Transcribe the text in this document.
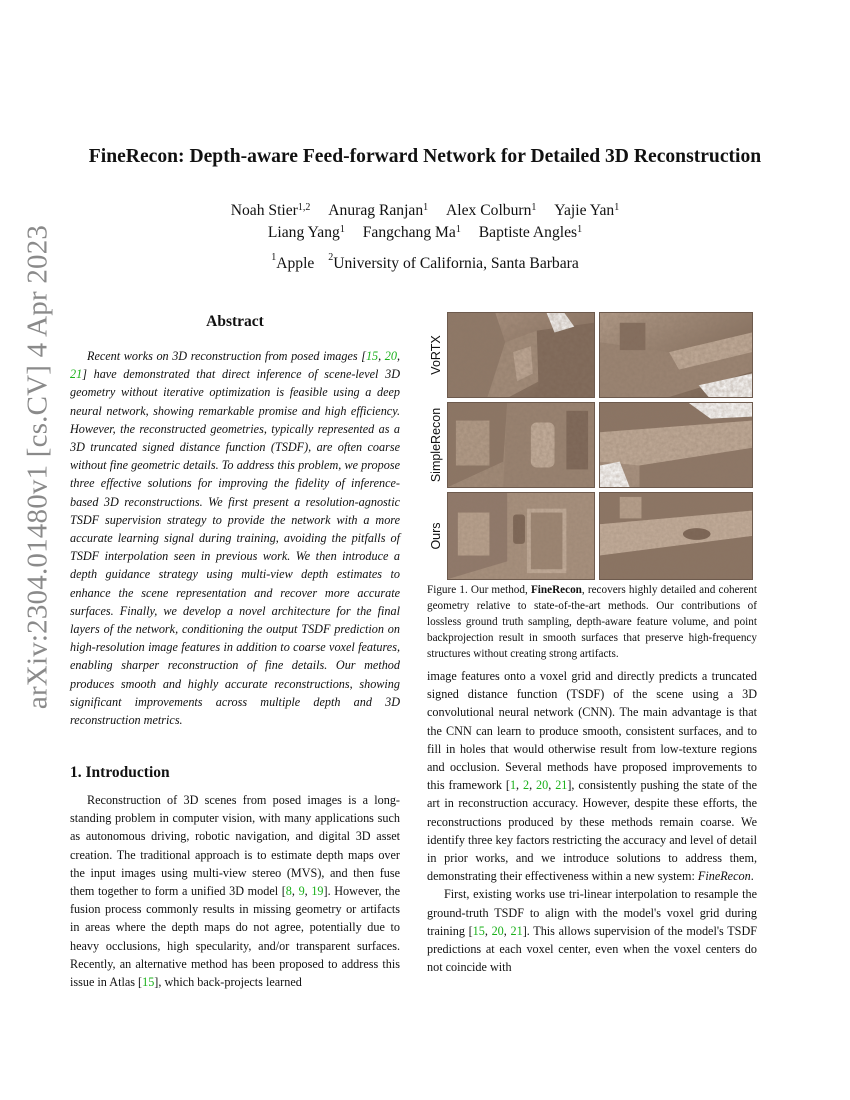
arXiv:2304.01480v1 [cs.CV] 4 Apr 2023
FineRecon: Depth-aware Feed-forward Network for Detailed 3D Reconstruction
Noah Stier$^{1,2}$ Anurag Ranjan$^1$ Alex Colburn$^1$ Yajie Yan$^1$
Liang Yang$^1$ Fangchang Ma$^1$ Baptiste Angles$^1$
$^1$Apple $^2$University of California, Santa Barbara
Abstract
Recent works on 3D reconstruction from posed images [15, 20, 21] have demonstrated that direct inference of scene-level 3D geometry without iterative optimization is feasible using a deep neural network, showing remarkable promise and high efficiency. However, the reconstructed geometries, typically represented as a 3D truncated signed distance function (TSDF), are often coarse without fine geometric details. To address this problem, we propose three effective solutions for improving the fidelity of inference-based 3D reconstructions. We first present a resolution-agnostic TSDF supervision strategy to provide the network with a more accurate learning signal during training, avoiding the pitfalls of TSDF interpolation seen in previous work. We then introduce a depth guidance strategy using multi-view depth estimates to enhance the scene representation and recover more accurate surfaces. Finally, we develop a novel architecture for the final layers of the network, conditioning the output TSDF prediction on high-resolution image features in addition to coarse voxel features, enabling sharper reconstruction of fine details. Our method produces smooth and highly accurate reconstructions, showing significant improvements across multiple depth and 3D reconstruction metrics.
1. Introduction
Reconstruction of 3D scenes from posed images is a long-standing problem in computer vision, with many applications such as autonomous driving, robotic navigation, and digital 3D asset creation. The traditional approach is to estimate depth maps over the input images using multi-view stereo (MVS), and then fuse them together to form a unified 3D model [8, 9, 19]. However, the fusion process commonly results in missing geometry or artifacts in areas where the depth maps do not agree, potentially due to heavy occlusions, high specularity, and/or transparent surfaces. Recently, an alternative method has been proposed to address this issue in Atlas [15], which back-projects learned
VoRTX
SimpleRecon
Ours
Figure 1. Our method, FineRecon, recovers highly detailed and coherent geometry relative to state-of-the-art methods. Our contributions of lossless ground truth sampling, depth-aware feature volume, and point backprojection result in smooth surfaces that preserve high-frequency structures without creating strong artifacts.

image features onto a voxel grid and directly predicts a truncated signed distance function (TSDF) of the scene using a 3D convolutional neural network (CNN). The main advantage is that the CNN can learn to produce smooth, consistent surfaces, and to fill in holes that would otherwise result from low-texture regions and occlusion. Several methods have proposed improvements to this framework [1, 2, 20, 21], consistently pushing the state of the art in reconstruction accuracy. However, despite these efforts, the reconstructions produced by these methods remain coarse. We identify three key factors restricting the accuracy and level of detail in prior works, and we introduce solutions to address them, demonstrating their effectiveness within a new system: FineRecon.

First, existing works use tri-linear interpolation to resample the ground-truth TSDF to align with the model's voxel grid during training [15, 20, 21]. This allows supervision of the model's TSDF predictions at each voxel center, even when the voxel centers do not coincide with
